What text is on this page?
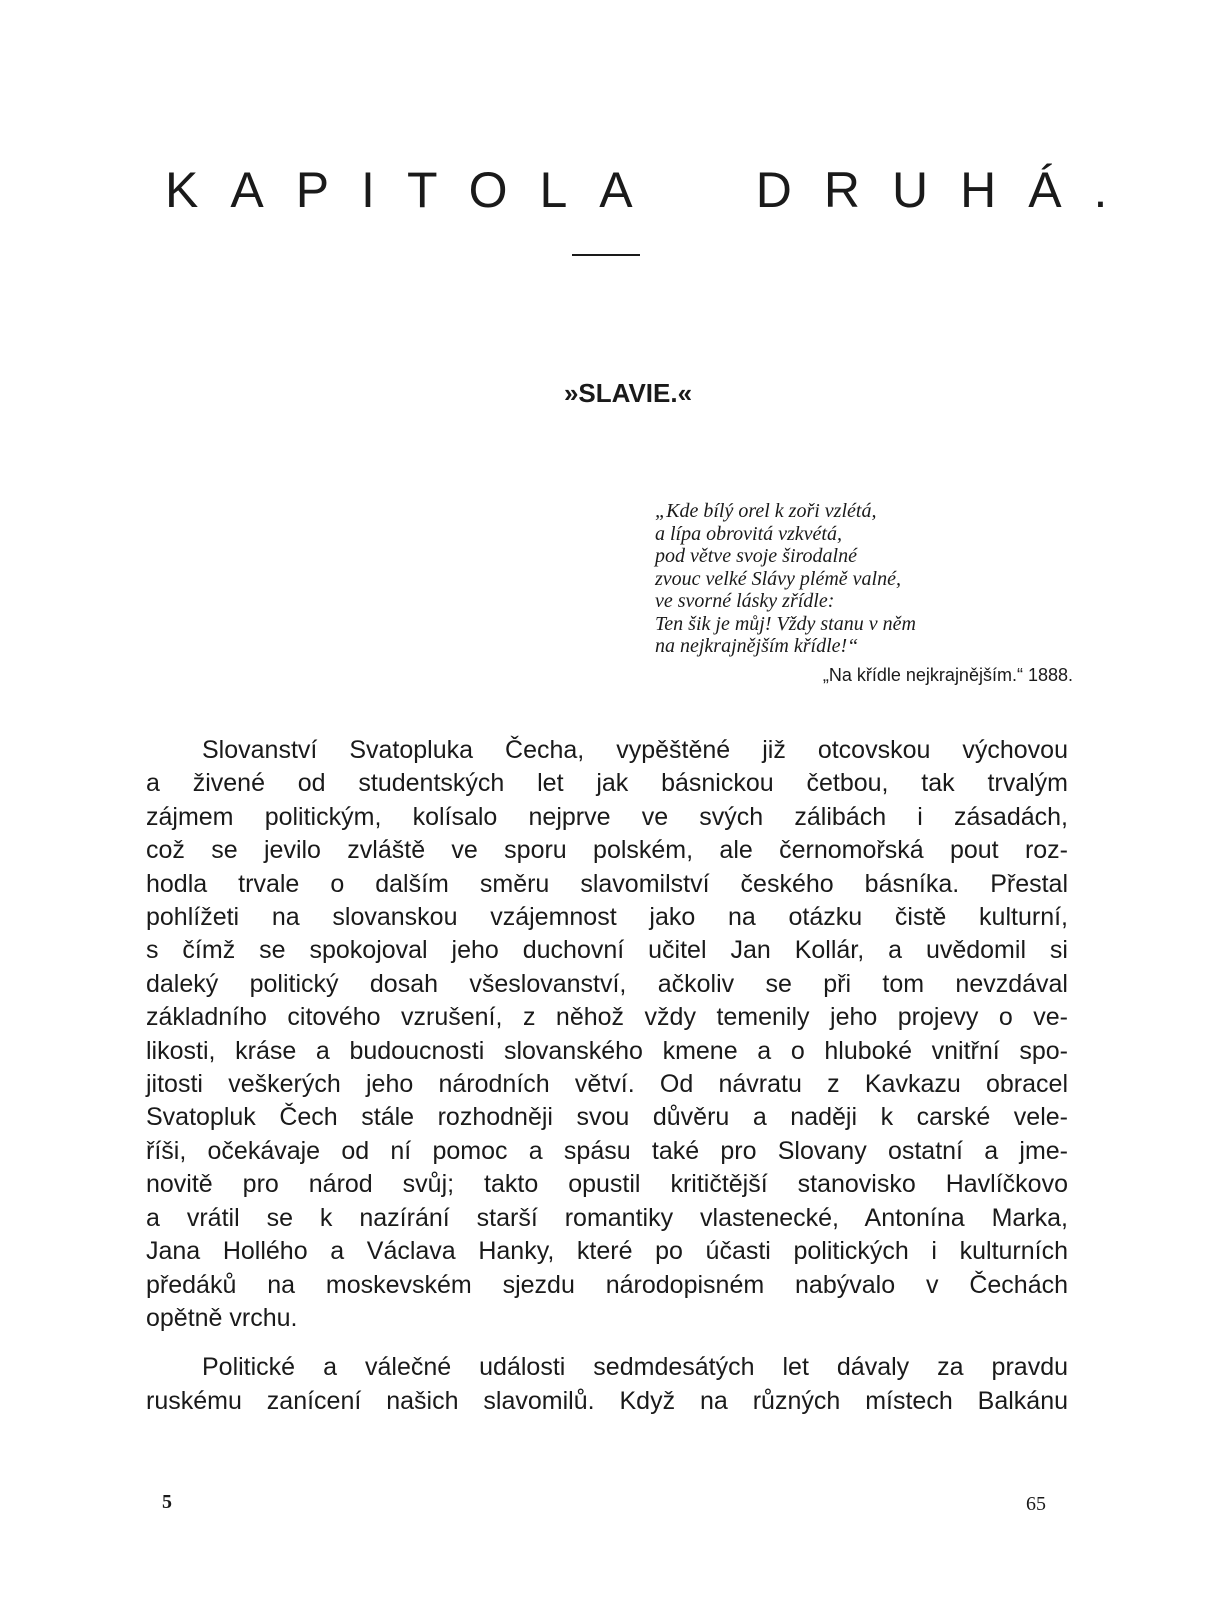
KAPITOLA DRUHÁ.
»SLAVIE.«

„Kde bílý orel k zoři vzlétá,
a lípa obrovitá vzkvétá,
pod větve svoje širodalné
zvouc velké Slávy plémě valné,
ve svorné lásky zřídle:
Ten šik je můj! Vždy stanu v něm
na nejkrajnějším křídle!“

„Na křídle nejkrajnějším.“ 1888.

Slovanství Svatopluka Čecha, vypěštěné již otcovskou výchovou
a živené od studentských let jak básnickou četbou, tak trvalým
zájmem politickým, kolísalo nejprve ve svých zálibách i zásadách,
což se jevilo zvláště ve sporu polském, ale černomořská pout roz-
hodla trvale o dalším směru slavomilství českého básníka. Přestal
pohlížeti na slovanskou vzájemnost jako na otázku čistě kulturní,
s čímž se spokojoval jeho duchovní učitel Jan Kollár, a uvědomil si
daleký politický dosah všeslovanství, ačkoliv se při tom nevzdával
základního citového vzrušení, z něhož vždy temenily jeho projevy o ve-
likosti, kráse a budoucnosti slovanského kmene a o hluboké vnitřní spo-
jitosti veškerých jeho národních větví. Od návratu z Kavkazu obracel
Svatopluk Čech stále rozhodněji svou důvěru a naději k carské vele-
říši, očekávaje od ní pomoc a spásu také pro Slovany ostatní a jme-
novitě pro národ svůj; takto opustil kritičtější stanovisko Havlíčkovo
a vrátil se k nazírání starší romantiky vlastenecké, Antonína Marka,
Jana Hollého a Václava Hanky, které po účasti politických i kulturních
předáků na moskevském sjezdu národopisném nabývalo v Čechách
opětně vrchu.

Politické a válečné události sedmdesátých let dávaly za pravdu
ruskému zanícení našich slavomilů. Když na různých místech Balkánu

5	65
